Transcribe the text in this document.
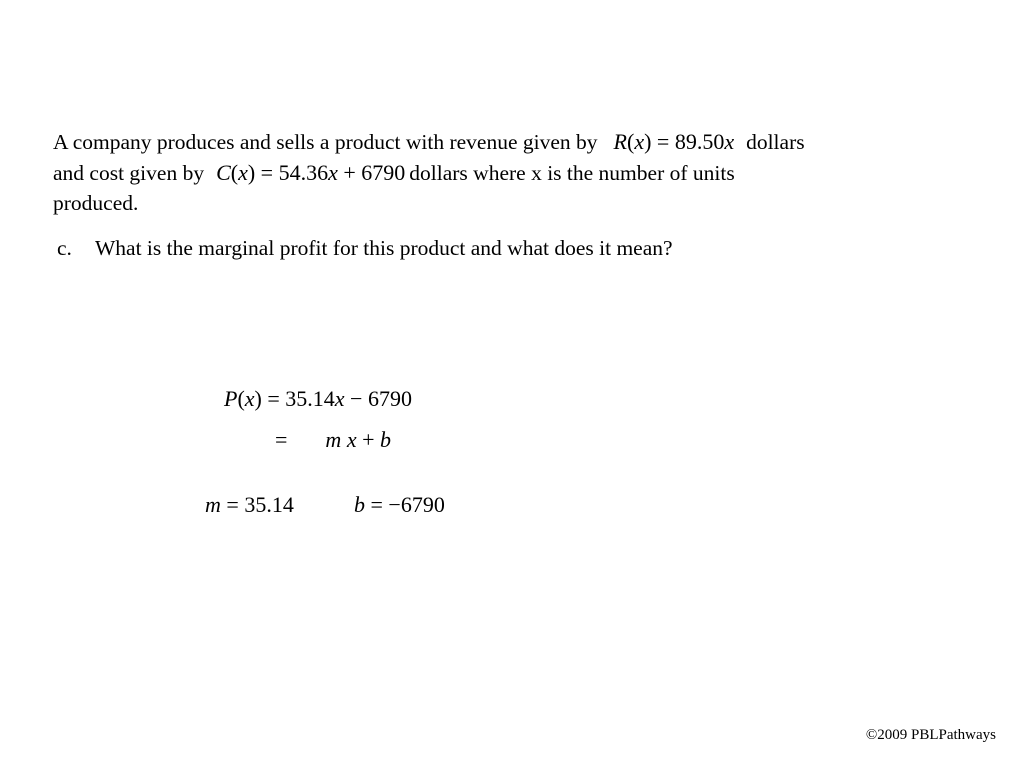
A company produces and sells a product with revenue given by R(x) = 89.50x dollars
and cost given by C(x) = 54.36x + 6790 dollars where x is the number of units
produced.
c. What is the marginal profit for this product and what does it mean?
P(x) = 35.14x − 6790
= m x + b
m = 35.14	b = −6790
©2009 PBLPathways
